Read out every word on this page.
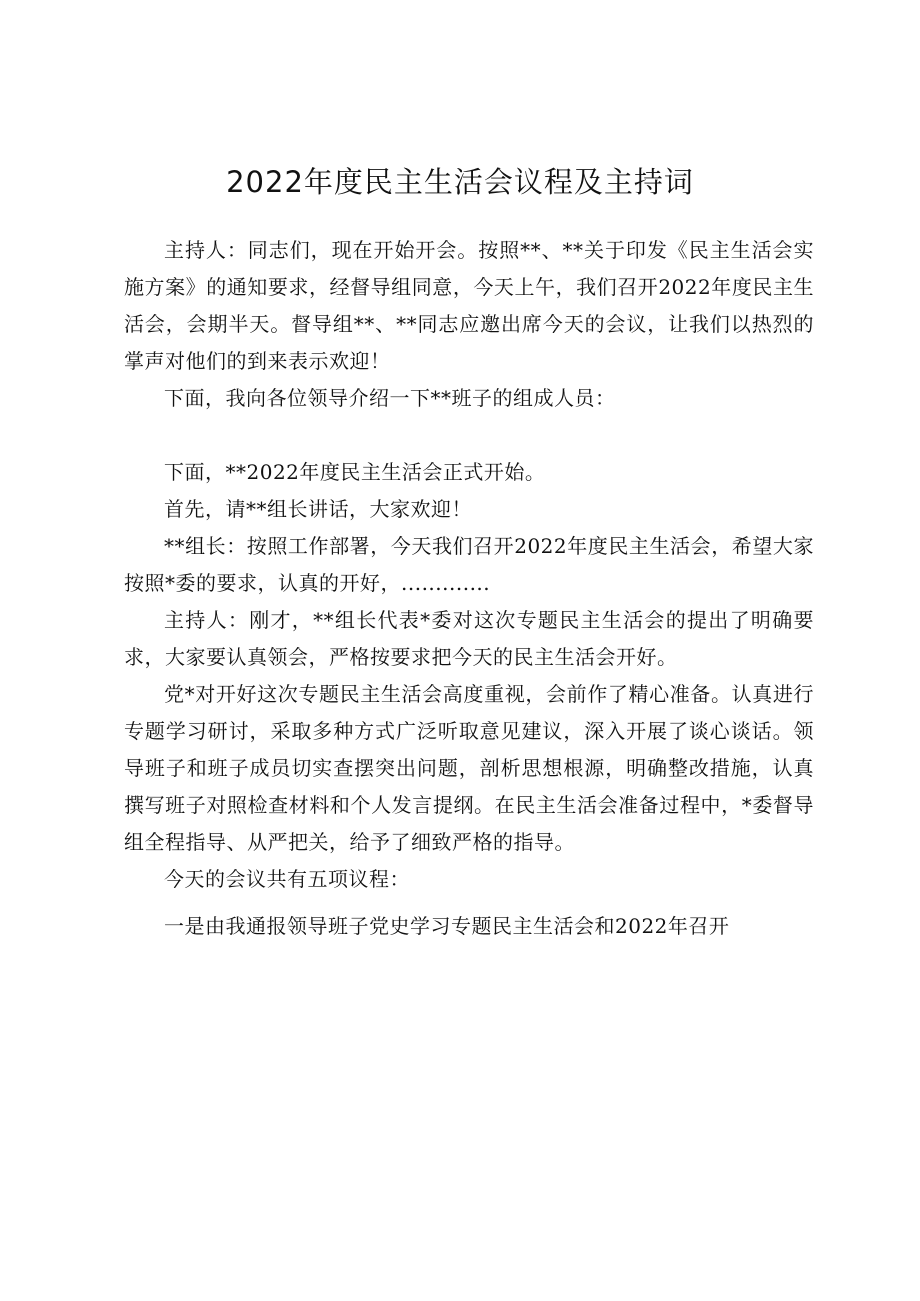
2022年度民主生活会议程及主持词

主持人：同志们，现在开始开会。按照**、**关于印发《民主生活会实施方案》的通知要求，经督导组同意，今天上午，我们召开2022年度民主生活会，会期半天。督导组**、**同志应邀出席今天的会议，让我们以热烈的掌声对他们的到来表示欢迎！

下面，我向各位领导介绍一下**班子的组成人员：

下面，**2022年度民主生活会正式开始。

首先，请**组长讲话，大家欢迎！

**组长：按照工作部署，今天我们召开2022年度民主生活会，希望大家按照*委的要求，认真的开好，.............

主持人：刚才，**组长代表*委对这次专题民主生活会的提出了明确要求，大家要认真领会，严格按要求把今天的民主生活会开好。

党*对开好这次专题民主生活会高度重视，会前作了精心准备。认真进行专题学习研讨，采取多种方式广泛听取意见建议，深入开展了谈心谈话。领导班子和班子成员切实查摆突出问题，剖析思想根源，明确整改措施，认真撰写班子对照检查材料和个人发言提纲。在民主生活会准备过程中，*委督导组全程指导、从严把关，给予了细致严格的指导。

今天的会议共有五项议程：

一是由我通报领导班子党史学习专题民主生活会和2022年召开
